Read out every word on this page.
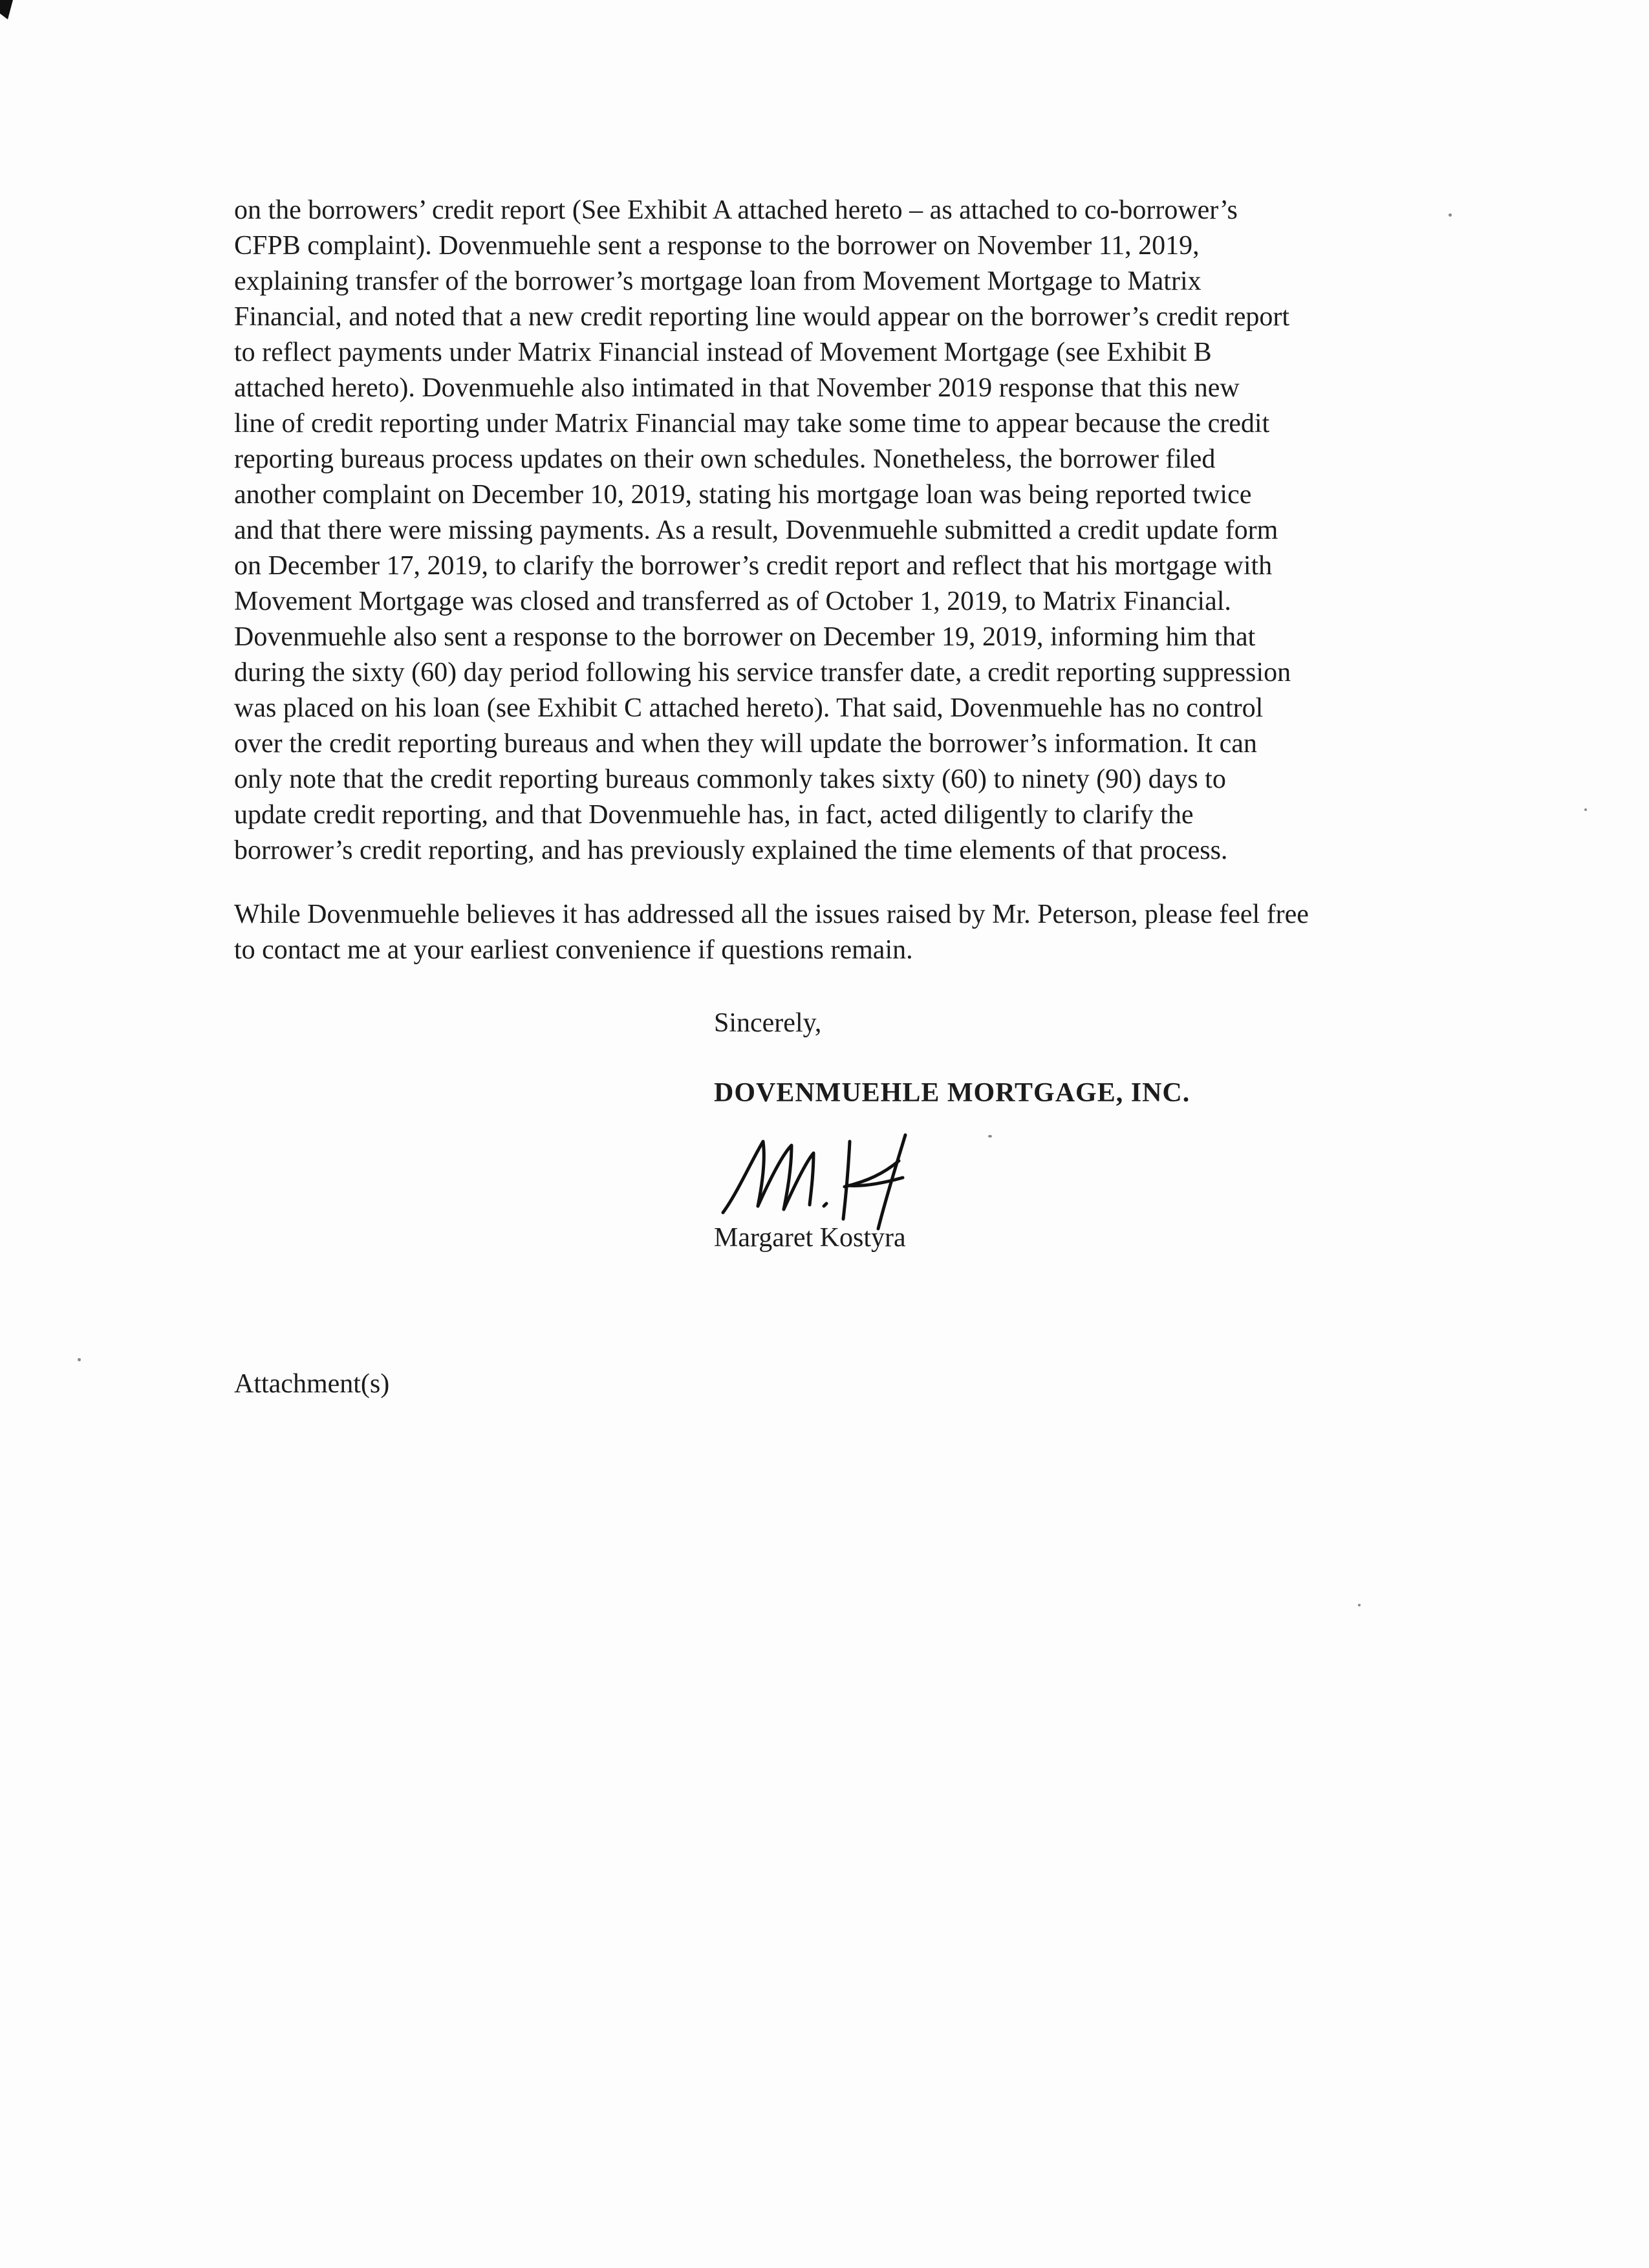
on the borrowers’ credit report (See Exhibit A attached hereto – as attached to co-borrower’s
CFPB complaint). Dovenmuehle sent a response to the borrower on November 11, 2019,
explaining transfer of the borrower’s mortgage loan from Movement Mortgage to Matrix
Financial, and noted that a new credit reporting line would appear on the borrower’s credit report
to reflect payments under Matrix Financial instead of Movement Mortgage (see Exhibit B
attached hereto). Dovenmuehle also intimated in that November 2019 response that this new
line of credit reporting under Matrix Financial may take some time to appear because the credit
reporting bureaus process updates on their own schedules. Nonetheless, the borrower filed
another complaint on December 10, 2019, stating his mortgage loan was being reported twice
and that there were missing payments. As a result, Dovenmuehle submitted a credit update form
on December 17, 2019, to clarify the borrower’s credit report and reflect that his mortgage with
Movement Mortgage was closed and transferred as of October 1, 2019, to Matrix Financial.
Dovenmuehle also sent a response to the borrower on December 19, 2019, informing him that
during the sixty (60) day period following his service transfer date, a credit reporting suppression
was placed on his loan (see Exhibit C attached hereto). That said, Dovenmuehle has no control
over the credit reporting bureaus and when they will update the borrower’s information. It can
only note that the credit reporting bureaus commonly takes sixty (60) to ninety (90) days to
update credit reporting, and that Dovenmuehle has, in fact, acted diligently to clarify the
borrower’s credit reporting, and has previously explained the time elements of that process.
While Dovenmuehle believes it has addressed all the issues raised by Mr. Peterson, please feel free
to contact me at your earliest convenience if questions remain.

Sincerely,

DOVENMUEHLE MORTGAGE, INC.

Margaret Kostyra

Attachment(s)
